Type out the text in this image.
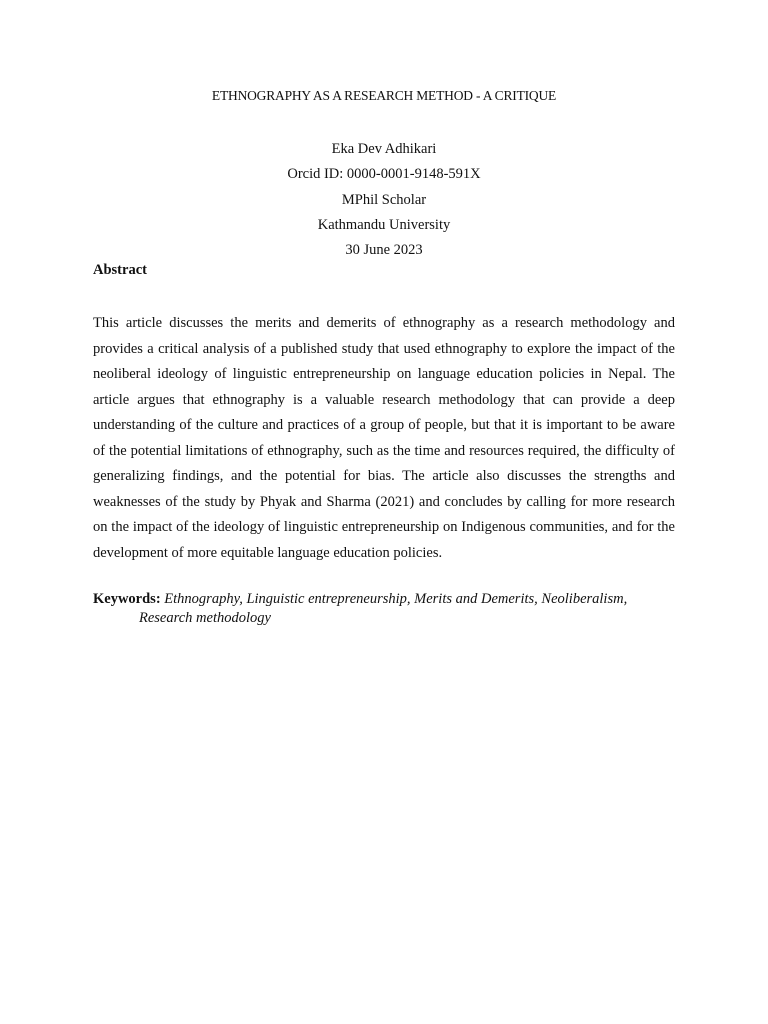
ETHNOGRAPHY AS A RESEARCH METHOD - A CRITIQUE
Eka Dev Adhikari
Orcid ID: 0000-0001-9148-591X
MPhil Scholar
Kathmandu University
30 June 2023
Abstract

This article discusses the merits and demerits of ethnography as a research methodology and provides a critical analysis of a published study that used ethnography to explore the impact of the neoliberal ideology of linguistic entrepreneurship on language education policies in Nepal. The article argues that ethnography is a valuable research methodology that can provide a deep understanding of the culture and practices of a group of people, but that it is important to be aware of the potential limitations of ethnography, such as the time and resources required, the difficulty of generalizing findings, and the potential for bias. The article also discusses the strengths and weaknesses of the study by Phyak and Sharma (2021) and concludes by calling for more research on the impact of the ideology of linguistic entrepreneurship on Indigenous communities, and for the development of more equitable language education policies.

Keywords: Ethnography, Linguistic entrepreneurship, Merits and Demerits, Neoliberalism, Research methodology
